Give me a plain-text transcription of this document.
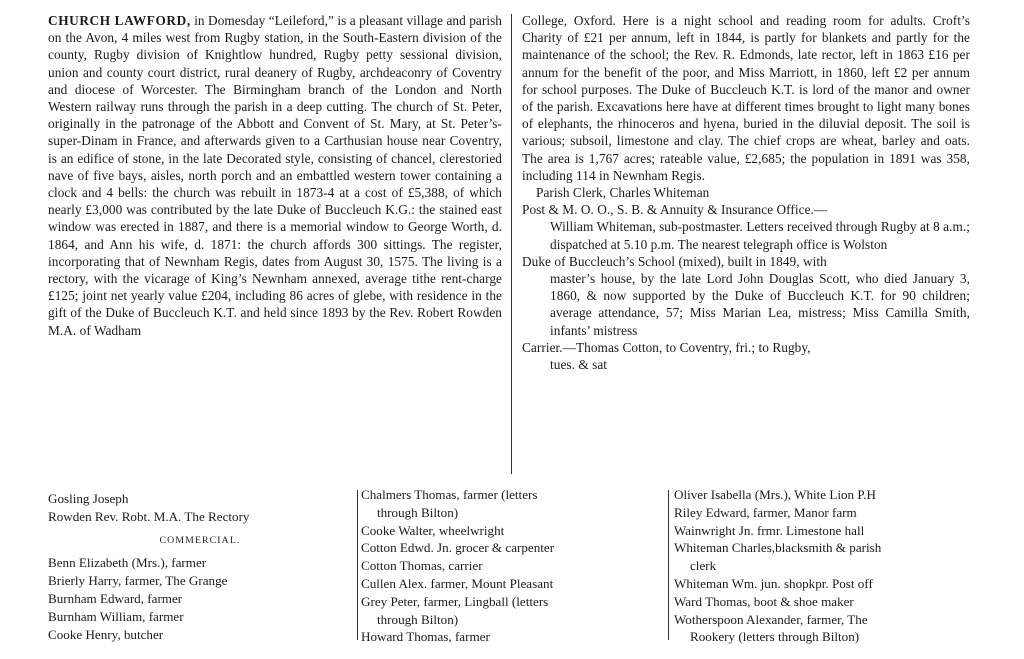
CHURCH LAWFORD, in Domesday “Leileford,” is a pleasant village and parish on the Avon, 4 miles west from Rugby station, in the South-Eastern division of the county, Rugby division of Knightlow hundred, Rugby petty sessional division, union and county court district, rural deanery of Rugby, archdeaconry of Coventry and diocese of Worcester. The Birmingham branch of the London and North Western railway runs through the parish in a deep cutting. The church of St. Peter, originally in the patronage of the Abbott and Convent of St. Mary, at St. Peter’s-super-Dinam in France, and afterwards given to a Carthusian house near Coventry, is an edifice of stone, in the late Decorated style, consisting of chancel, clerestoried nave of five bays, aisles, north porch and an embattled western tower containing a clock and 4 bells: the church was rebuilt in 1873-4 at a cost of £5,388, of which nearly £3,000 was contributed by the late Duke of Buccleuch K.G.: the stained east window was erected in 1887, and there is a memorial window to George Worth, d. 1864, and Ann his wife, d. 1871: the church affords 300 sittings. The register, incorporating that of Newnham Regis, dates from August 30, 1575. The living is a rectory, with the vicarage of King’s Newnham annexed, average tithe rent-charge £125; joint net yearly value £204, including 86 acres of glebe, with residence in the gift of the Duke of Buccleuch K.T. and held since 1893 by the Rev. Robert Rowden M.A. of Wadham

College, Oxford. Here is a night school and reading room for adults. Croft’s Charity of £21 per annum, left in 1844, is partly for blankets and partly for the maintenance of the school; the Rev. R. Edmonds, late rector, left in 1863 £16 per annum for the benefit of the poor, and Miss Marriott, in 1860, left £2 per annum for school purposes. The Duke of Buccleuch K.T. is lord of the manor and owner of the parish. Excavations here have at different times brought to light many bones of elephants, the rhinoceros and hyena, buried in the diluvial deposit. The soil is various; subsoil, limestone and clay. The chief crops are wheat, barley and oats. The area is 1,767 acres; rateable value, £2,685; the population in 1891 was 358, including 114 in Newnham Regis.

Parish Clerk, Charles Whiteman

Post & M. O. O., S. B. & Annuity & Insurance Office.—
William Whiteman, sub-postmaster. Letters received through Rugby at 8 a.m.; dispatched at 5.10 p.m. The nearest telegraph office is Wolston

Duke of Buccleuch’s School (mixed), built in 1849, with
master’s house, by the late Lord John Douglas Scott, who died January 3, 1860, & now supported by the Duke of Buccleuch K.T. for 90 children; average attendance, 57; Miss Marian Lea, mistress; Miss Camilla Smith, infants’ mistress

Carrier.—Thomas Cotton, to Coventry, fri.; to Rugby,
tues. & sat

Gosling Joseph

Rowden Rev. Robt. M.A. The Rectory

COMMERCIAL.

Benn Elizabeth (Mrs.), farmer

Brierly Harry, farmer, The Grange

Burnham Edward, farmer

Burnham William, farmer

Cooke Henry, butcher

Chalmers Thomas, farmer (letters
through Bilton)

Cooke Walter, wheelwright

Cotton Edwd. Jn. grocer & carpenter

Cotton Thomas, carrier

Cullen Alex. farmer, Mount Pleasant

Grey Peter, farmer, Lingball (letters
through Bilton)

Howard Thomas, farmer

Oliver Isabella (Mrs.), White Lion P.H

Riley Edward, farmer, Manor farm

Wainwright Jn. frmr. Limestone hall

Whiteman Charles,blacksmith & parish
clerk

Whiteman Wm. jun. shopkpr. Post off

Ward Thomas, boot & shoe maker

Wotherspoon Alexander, farmer, The
Rookery (letters through Bilton)
